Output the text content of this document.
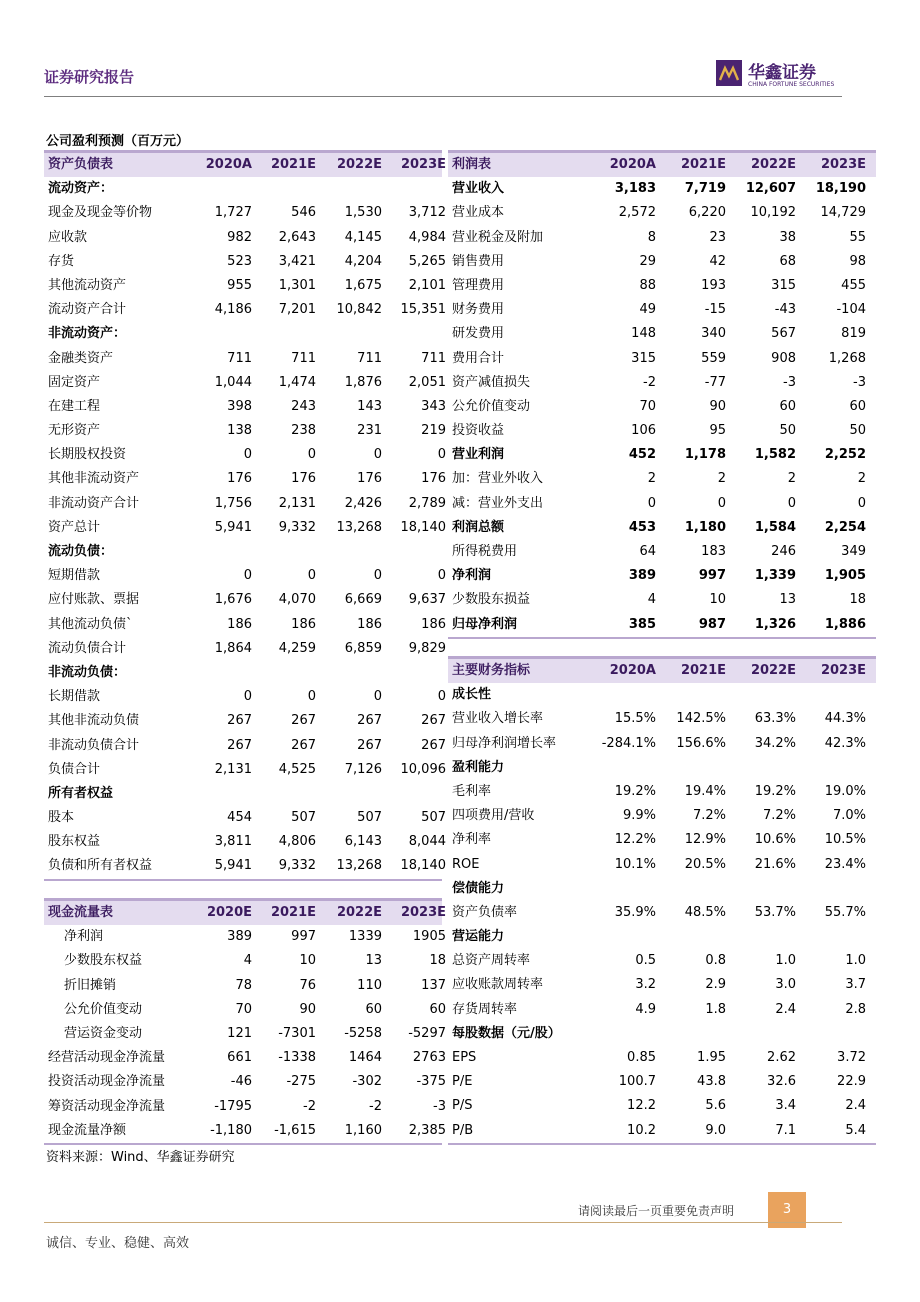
证券研究报告	华鑫证券
CHINA FORTUNE SECURITIES
公司盈利预测（百万元）
资产负债表	2020A	2021E	2022E	2023E
流动资产：
现金及现金等价物	1,727	546	1,530	3,712
应收款	982	2,643	4,145	4,984
存货	523	3,421	4,204	5,265
其他流动资产	955	1,301	1,675	2,101
流动资产合计	4,186	7,201	10,842	15,351
非流动资产：
金融类资产	711	711	711	711
固定资产	1,044	1,474	1,876	2,051
在建工程	398	243	143	343
无形资产	138	238	231	219
长期股权投资	0	0	0	0
其他非流动资产	176	176	176	176
非流动资产合计	1,756	2,131	2,426	2,789
资产总计	5,941	9,332	13,268	18,140
流动负债：
短期借款	0	0	0	0
应付账款、票据	1,676	4,070	6,669	9,637
其他流动负债`	186	186	186	186
流动负债合计	1,864	4,259	6,859	9,829
非流动负债：
长期借款	0	0	0	0
其他非流动负债	267	267	267	267
非流动负债合计	267	267	267	267
负债合计	2,131	4,525	7,126	10,096
所有者权益
股本	454	507	507	507
股东权益	3,811	4,806	6,143	8,044
负债和所有者权益	5,941	9,332	13,268	18,140
现金流量表	2020E	2021E	2022E	2023E
净利润	389	997	1339	1905
少数股东权益	4	10	13	18
折旧摊销	78	76	110	137
公允价值变动	70	90	60	60
营运资金变动	121	-7301	-5258	-5297
经营活动现金净流量	661	-1338	1464	2763
投资活动现金净流量	-46	-275	-302	-375
筹资活动现金净流量	-1795	-2	-2	-3
现金流量净额	-1,180	-1,615	1,160	2,385
利润表	2020A	2021E	2022E	2023E
营业收入	3,183	7,719	12,607	18,190
营业成本	2,572	6,220	10,192	14,729
营业税金及附加	8	23	38	55
销售费用	29	42	68	98
管理费用	88	193	315	455
财务费用	49	-15	-43	-104
研发费用	148	340	567	819
费用合计	315	559	908	1,268
资产减值损失	-2	-77	-3	-3
公允价值变动	70	90	60	60
投资收益	106	95	50	50
营业利润	452	1,178	1,582	2,252
加：营业外收入	2	2	2	2
减：营业外支出	0	0	0	0
利润总额	453	1,180	1,584	2,254
所得税费用	64	183	246	349
净利润	389	997	1,339	1,905
少数股东损益	4	10	13	18
归母净利润	385	987	1,326	1,886
主要财务指标	2020A	2021E	2022E	2023E
成长性
营业收入增长率	15.5%	142.5%	63.3%	44.3%
归母净利润增长率	-284.1%	156.6%	34.2%	42.3%
盈利能力
毛利率	19.2%	19.4%	19.2%	19.0%
四项费用/营收	9.9%	7.2%	7.2%	7.0%
净利率	12.2%	12.9%	10.6%	10.5%
ROE	10.1%	20.5%	21.6%	23.4%
偿债能力
资产负债率	35.9%	48.5%	53.7%	55.7%
营运能力
总资产周转率	0.5	0.8	1.0	1.0
应收账款周转率	3.2	2.9	3.0	3.7
存货周转率	4.9	1.8	2.4	2.8
每股数据（元/股）
EPS	0.85	1.95	2.62	3.72
P/E	100.7	43.8	32.6	22.9
P/S	12.2	5.6	3.4	2.4
P/B	10.2	9.0	7.1	5.4
资料来源：Wind、华鑫证券研究
请阅读最后一页重要免责声明	3
诚信、专业、稳健、高效
